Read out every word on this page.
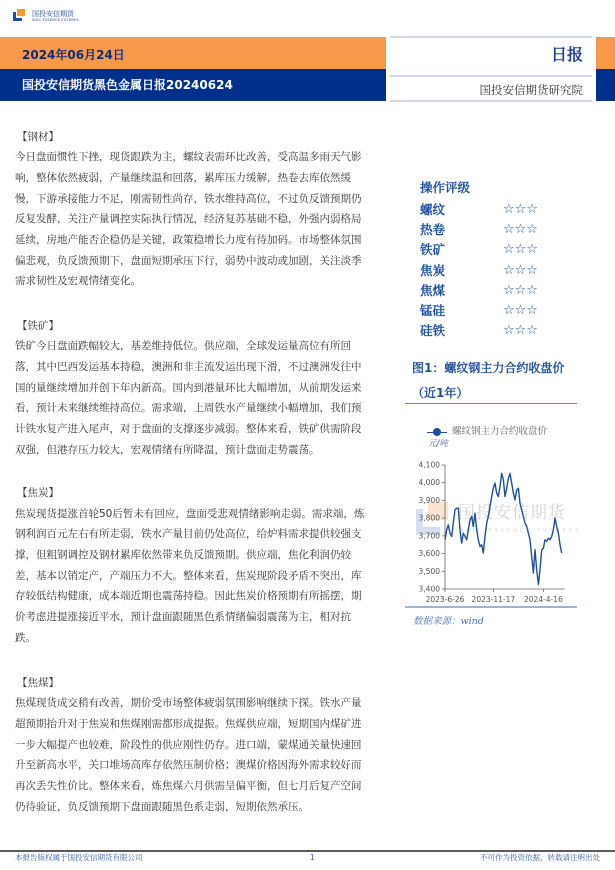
国投安信期货
SDIC ESSENCE FUTURES
2024年06月24日
国投安信期货黑色金属日报20240624
日报
国投安信期货研究院
【钢材】
今日盘面惯性下挫，现货跟跌为主，螺纹表需环比改善，受高温多雨天气影
响，整体依然疲弱，产量继续温和回落，累库压力缓解，热卷去库依然缓
慢，下游承接能力不足，刚需韧性尚存，铁水维持高位，不过负反馈预期仍
反复发酵，关注产量调控实际执行情况，经济复苏基础不稳，外强内弱格局
延续，房地产能否企稳仍是关键，政策稳增长力度有待加码。市场整体氛围
偏悲观，负反馈预期下，盘面短期承压下行，弱势中波动或加剧，关注淡季
需求韧性及宏观情绪变化。
【铁矿】
铁矿今日盘面跌幅较大，基差维持低位。供应端，全球发运量高位有所回
落，其中巴西发运基本持稳，澳洲和非主流发运出现下滑，不过澳洲发往中
国的量继续增加并创下年内新高。国内到港量环比大幅增加，从前期发运来
看，预计未来继续维持高位。需求端，上周铁水产量继续小幅增加，我们预
计铁水复产进入尾声，对于盘面的支撑逐步减弱。整体来看，铁矿供需阶段
双强，但港存压力较大，宏观情绪有所降温，预计盘面走势震荡。
【焦炭】
焦炭现货提涨首轮50后暂未有回应，盘面受悲观情绪影响走弱。需求端，炼
钢利润百元左右有所走弱，铁水产量目前仍处高位，给炉料需求提供较强支
撑，但粗钢调控及钢材累库依然带来负反馈预期。供应端，焦化利润仍较
差，基本以销定产，产端压力不大。整体来看，焦炭现阶段矛盾不突出，库
存较低结构健康，成本端近期也震荡持稳。因此焦炭价格预期有所摇摆，期
价考虑进提涨接近平水，预计盘面跟随黑色系情绪偏弱震荡为主，相对抗
跌。
【焦煤】
焦煤现货成交稍有改善，期价受市场整体疲弱氛围影响继续下探。铁水产量
超预期抬升对于焦炭和焦煤刚需都形成提振。焦煤供应端，短期国内煤矿进
一步大幅提产也较难，阶段性的供应刚性仍存。进口端，蒙煤通关量快速回
升至新高水平，关口堆场高库存依然压制价格；澳煤价格因海外需求较好而
再次丢失性价比。整体来看，炼焦煤六月供需呈偏平衡，但七月后复产空间
仍待验证，负反馈预期下盘面跟随黑色系走弱，短期依然承压。
操作评级
螺纹	☆☆☆
热卷	☆☆☆
铁矿	☆☆☆
焦炭	☆☆☆
焦煤	☆☆☆
锰硅	☆☆☆
硅铁	☆☆☆
图1：螺纹钢主力合约收盘价
（近1年）
国投安信期货
SDIC ESSENCE FUTURES
螺纹钢主力合约收盘价
元/吨
4,100
4,000
3,900
3,800
3,700
3,600
3,500
3,400
2023-6-26 2023-11-17 2024-4-16
数据来源：wind
本报告版权属于国投安信期货有限公司	1	不可作为投资依据，转载请注明出处
